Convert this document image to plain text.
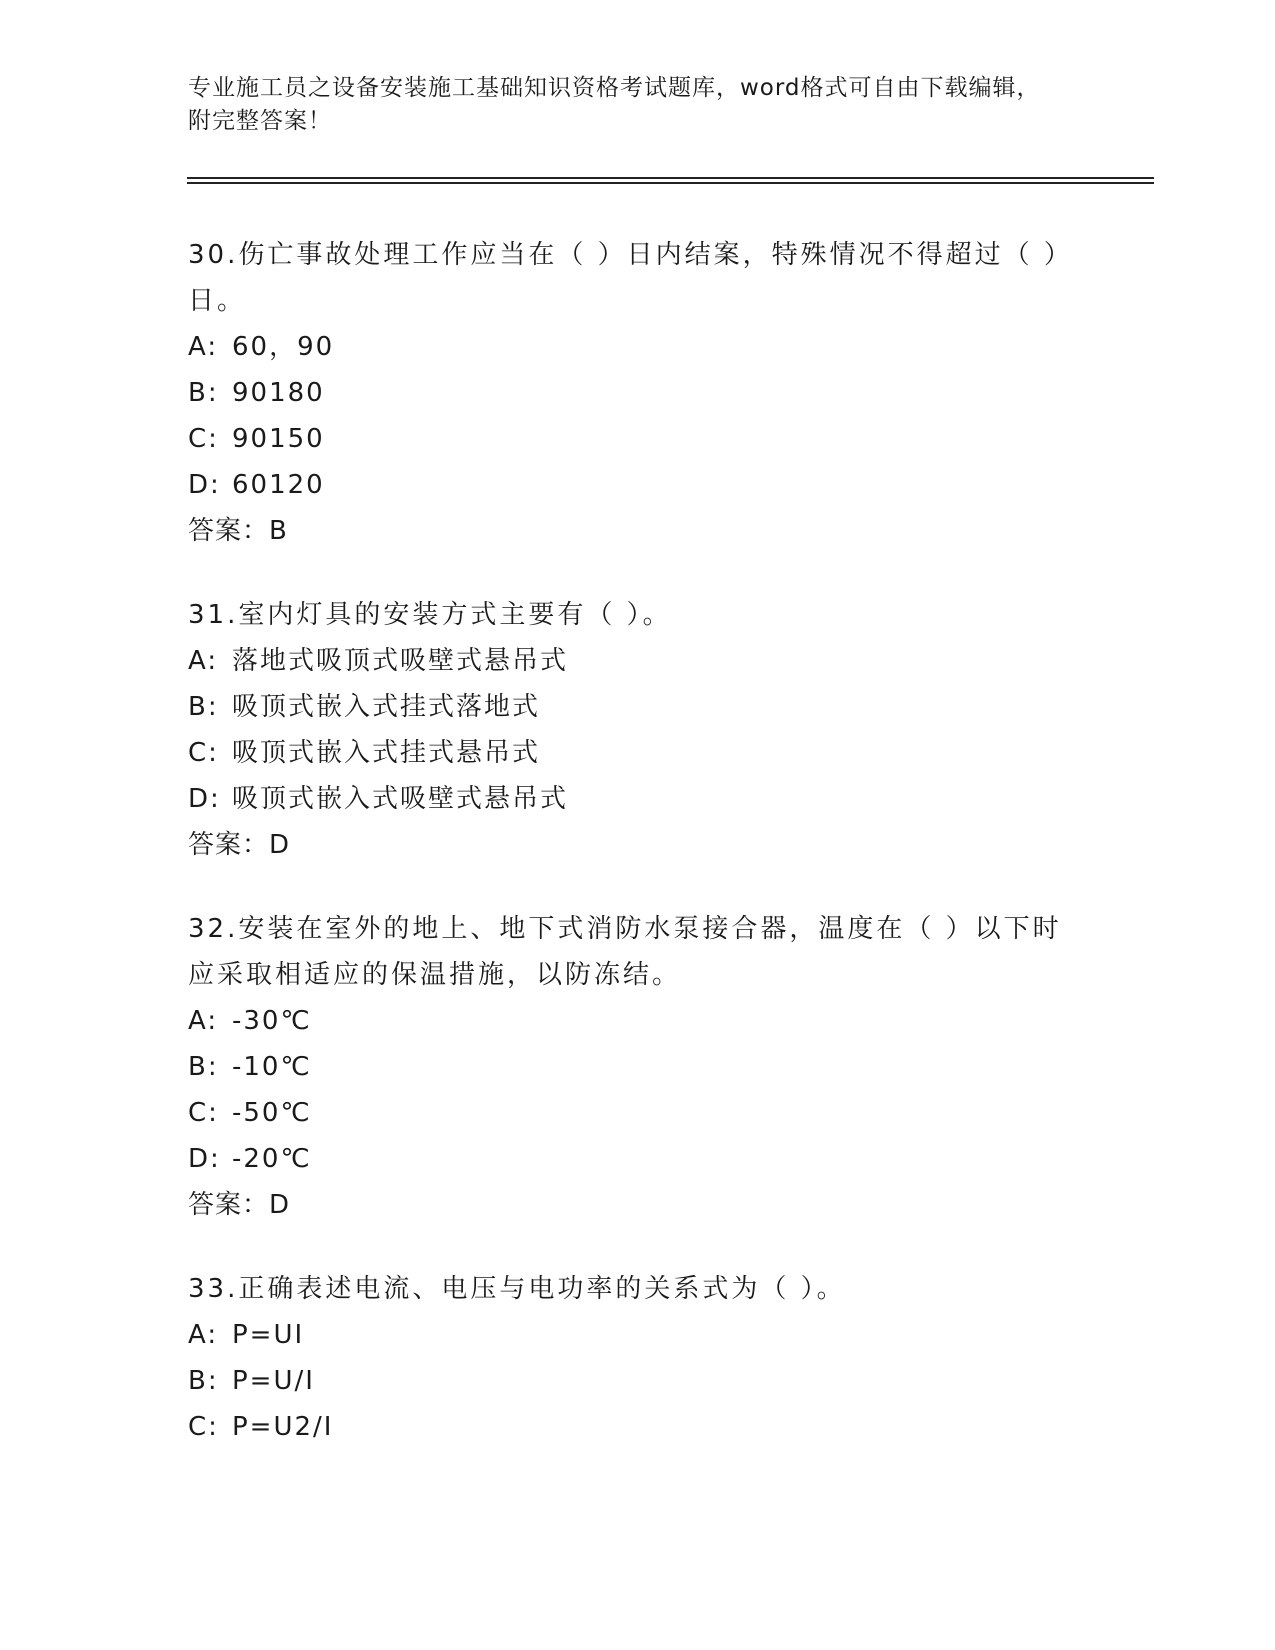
专业施工员之设备安装施工基础知识资格考试题库，word格式可自由下载编辑，
附完整答案！

30.伤亡事故处理工作应当在（ ）日内结案，特殊情况不得超过（ ）

日。

A: 60，90

B: 90180

C: 90150

D: 60120

答案：B

31.室内灯具的安装方式主要有（ ）。

A: 落地式吸顶式吸壁式悬吊式

B: 吸顶式嵌入式挂式落地式

C: 吸顶式嵌入式挂式悬吊式

D: 吸顶式嵌入式吸壁式悬吊式

答案：D

32.安装在室外的地上、地下式消防水泵接合器，温度在（ ）以下时

应采取相适应的保温措施，以防冻结。

A: -30℃

B: -10℃

C: -50℃

D: -20℃

答案：D

33.正确表述电流、电压与电功率的关系式为（ ）。

A: P=UI

B: P=U/I

C: P=U2/I
